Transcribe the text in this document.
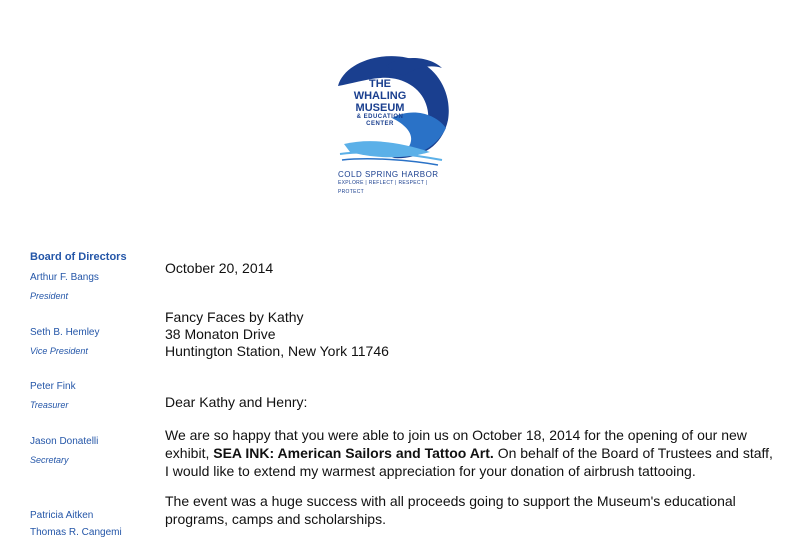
THE
WHALING
MUSEUM
& EDUCATION
CENTER
COLD SPRING HARBOR
EXPLORE | REFLECT | RESPECT | PROTECT
Board of Directors
Arthur F. Bangs
President
Seth B. Hemley
Vice President
Peter Fink
Treasurer
Jason Donatelli
Secretary
Patricia Aitken
Thomas R. Cangemi
October 20, 2014
Fancy Faces by Kathy
38 Monaton Drive
Huntington Station, New York 11746
Dear Kathy and Henry:
We are so happy that you were able to join us on October 18, 2014 for the opening of our new exhibit, SEA INK: American Sailors and Tattoo Art. On behalf of the Board of Trustees and staff, I would like to extend my warmest appreciation for your donation of airbrush tattooing.
The event was a huge success with all proceeds going to support the Museum's educational programs, camps and scholarships.
